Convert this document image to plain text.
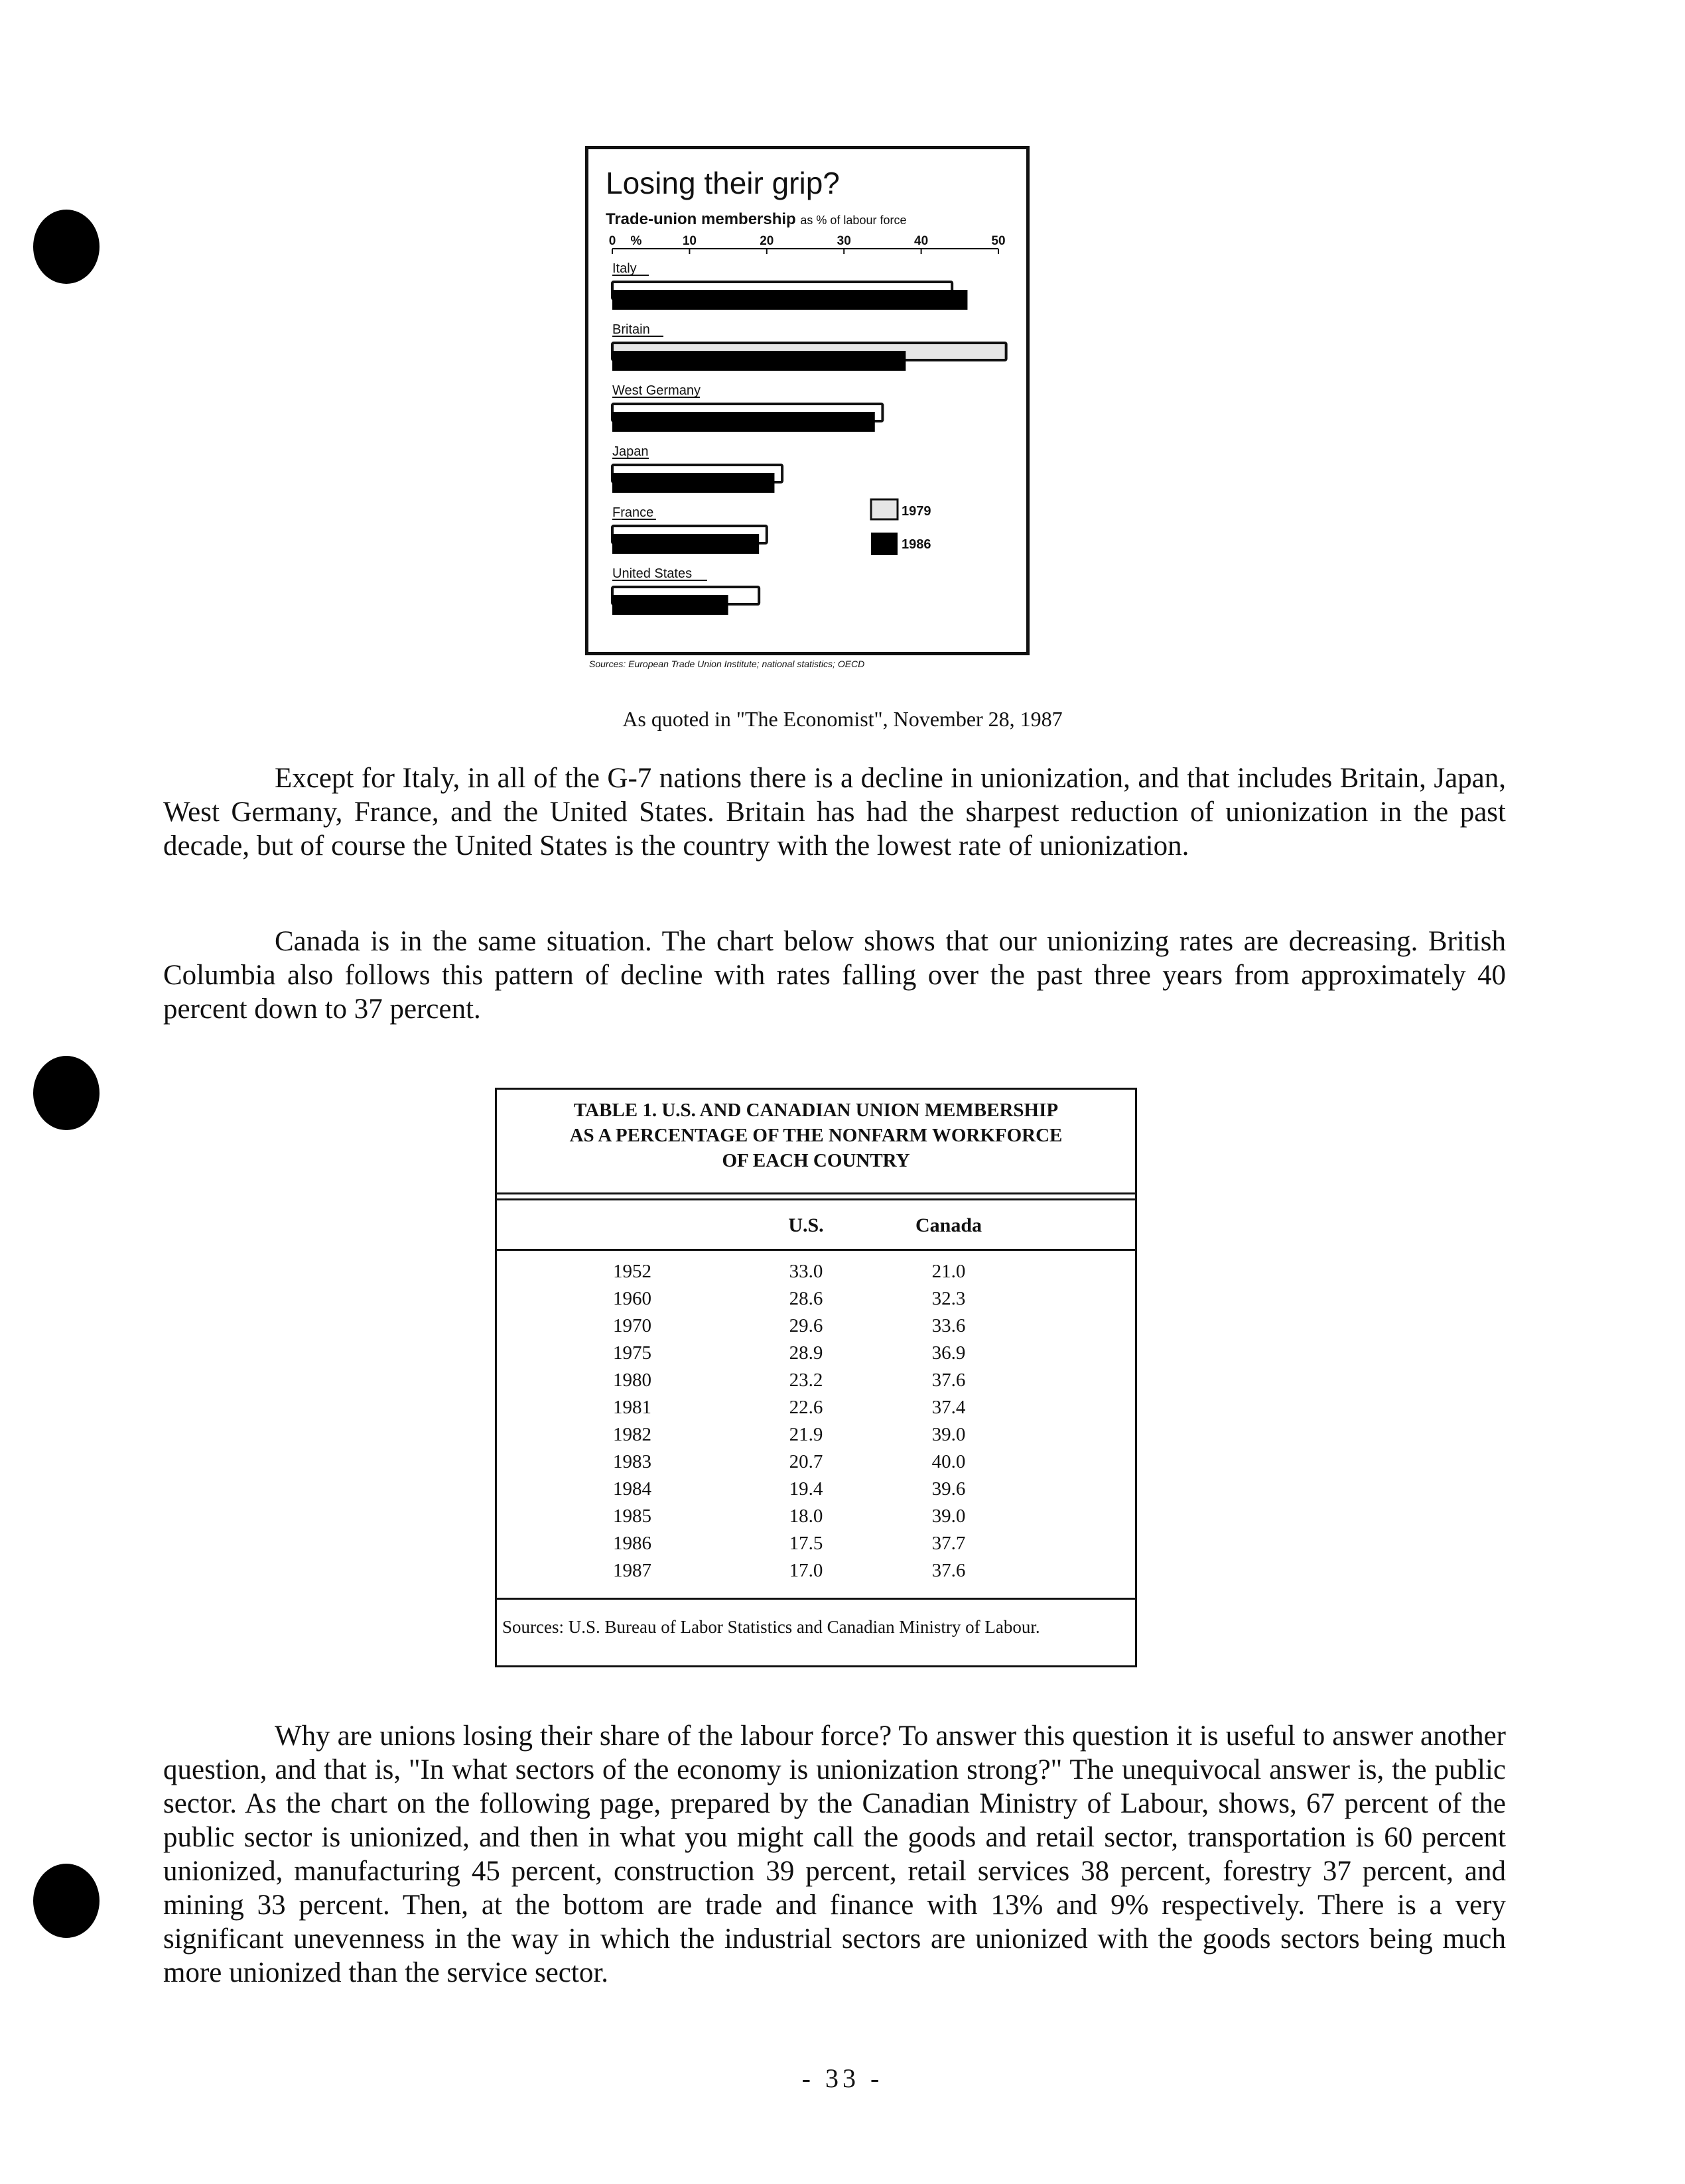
Losing their grip?
Trade-union membership as % of labour force
0 %	10	20	30	40	50
Italy
Britain
West Germany
Japan
France
United States
1979
1986
Sources: European Trade Union Institute; national statistics; OECD
As quoted in "The Economist", November 28, 1987

Except for Italy, in all of the G-7 nations there is a decline in unionization, and that includes Britain, Japan, West Germany, France, and the United States. Britain has had the sharpest reduction of unionization in the past decade, but of course the United States is the country with the lowest rate of unionization.

Canada is in the same situation. The chart below shows that our unionizing rates are decreasing. British Columbia also follows this pattern of decline with rates falling over the past three years from approximately 40 percent down to 37 percent.

TABLE 1. U.S. AND CANADIAN UNION MEMBERSHIP
AS A PERCENTAGE OF THE NONFARM WORKFORCE
OF EACH COUNTRY
U.S.	Canada
1952	33.0	21.0
1960	28.6	32.3
1970	29.6	33.6
1975	28.9	36.9
1980	23.2	37.6
1981	22.6	37.4
1982	21.9	39.0
1983	20.7	40.0
1984	19.4	39.6
1985	18.0	39.0
1986	17.5	37.7
1987	17.0	37.6
Sources: U.S. Bureau of Labor Statistics and Canadian Ministry of Labour.

Why are unions losing their share of the labour force? To answer this question it is useful to answer another question, and that is, "In what sectors of the economy is unionization strong?" The unequivocal answer is, the public sector. As the chart on the following page, prepared by the Canadian Ministry of Labour, shows, 67 percent of the public sector is unionized, and then in what you might call the goods and retail sector, transportation is 60 percent unionized, manufacturing 45 percent, construction 39 percent, retail services 38 percent, forestry 37 percent, and mining 33 percent. Then, at the bottom are trade and finance with 13% and 9% respectively. There is a very significant unevenness in the way in which the industrial sectors are unionized with the goods sectors being much more unionized than the service sector.

- 33 -
